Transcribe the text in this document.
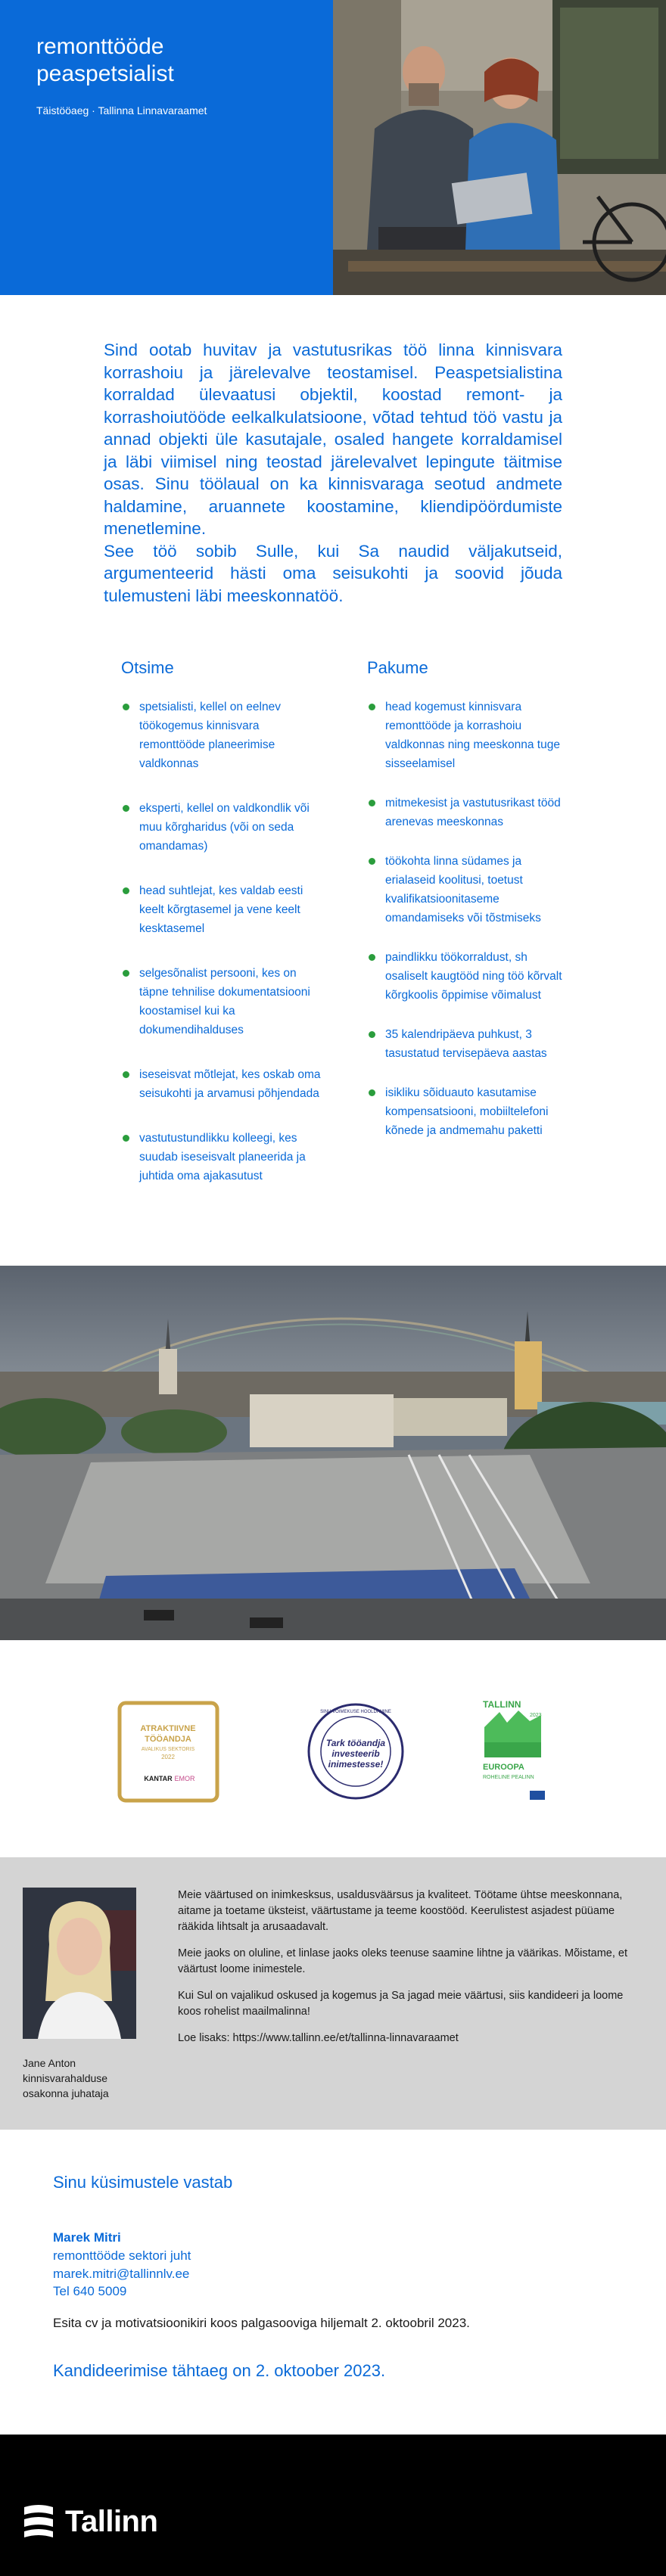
remonttööde peaspetsialist
Täistööaeg · Tallinna Linnavaraamet

Sind ootab huvitav ja vastutusrikas töö linna kinnisvara korrashoiu ja järelevalve teostamisel. Peaspetsialistina korraldad ülevaatusi objektil, koostad remont- ja korrashoiutööde eelkalkulatsioone, võtad tehtud töö vastu ja annad objekti üle kasutajale, osaled hangete korraldamisel ja läbi viimisel ning teostad järelevalvet lepingute täitmise osas. Sinu töölaual on ka kinnisvaraga seotud andmete haldamine, aruannete koostamine, kliendipöördumiste menetlemine.

See töö sobib Sulle, kui Sa naudid väljakutseid, argumenteerid hästi oma seisukohti ja soovid jõuda tulemusteni läbi meeskonnatöö.

Otsime
spetsialisti, kellel on eelnev töökogemus kinnisvara remonttööde planeerimise valdkonnas
eksperti, kellel on valdkondlik või muu kõrgharidus (või on seda omandamas)
head suhtlejat, kes valdab eesti keelt kõrgtasemel ja vene keelt kesktasemel
selgesõnalist persooni, kes on täpne tehnilise dokumentatsiooni koostamisel kui ka dokumendihalduses
iseseisvat mõtlejat, kes oskab oma seisukohti ja arvamusi põhjendada
vastutustundlikku kolleegi, kes suudab iseseisvalt planeerida ja juhtida oma ajakasutust
Pakume
head kogemust kinnisvara remonttööde ja korrashoiu valdkonnas ning meeskonna tuge sisseelamisel
mitmekesist ja vastutusrikast tööd arenevas meeskonnas
töökohta linna südames ja erialaseid koolitusi, toetust kvalifikatsioonitaseme omandamiseks või tõstmiseks
paindlikku töökorraldust, sh osaliselt kaugtööd ning töö kõrvalt kõrgkoolis õppimise võimalust
35 kalendripäeva puhkust, 3 tasustatud tervisepäeva aastas
isikliku sõiduauto kasutamise kompensatsiooni, mobiiltelefoni kõnede ja andmemahu paketti
ATRAKTIIVNE
TÖÖANDJA
AVALIKUS SEKTORIS
2022
KANTAR EMOR
SINU VÕIMEKUSE HOOLDAMINE
Tark tööandja
investeerib
inimestesse!
TALLINN
2023
EUROOPA
ROHELINE PEALINN
Jane Anton
kinnisvarahalduse
osakonna juhataja

Meie väärtused on inimkesksus, usaldusväärsus ja kvaliteet. Töötame ühtse meeskonnana, aitame ja toetame üksteist, väärtustame ja teeme koostööd. Keerulistest asjadest püüame rääkida lihtsalt ja arusaadavalt.

Meie jaoks on oluline, et linlase jaoks oleks teenuse saamine lihtne ja väärikas. Mõistame, et väärtust loome inimestele.

Kui Sul on vajalikud oskused ja kogemus ja Sa jagad meie väärtusi, siis kandideeri ja loome koos rohelist maailmalinna!

Loe lisaks: https://www.tallinn.ee/et/tallinna-linnavaraamet

Sinu küsimustele vastab
Marek Mitri
remonttööde sektori juht
marek.mitri@tallinnlv.ee
Tel 640 5009
Esita cv ja motivatsioonikiri koos palgasooviga hiljemalt 2. oktoobril 2023.
Kandideerimise tähtaeg on 2. oktoober 2023.
Tallinn
